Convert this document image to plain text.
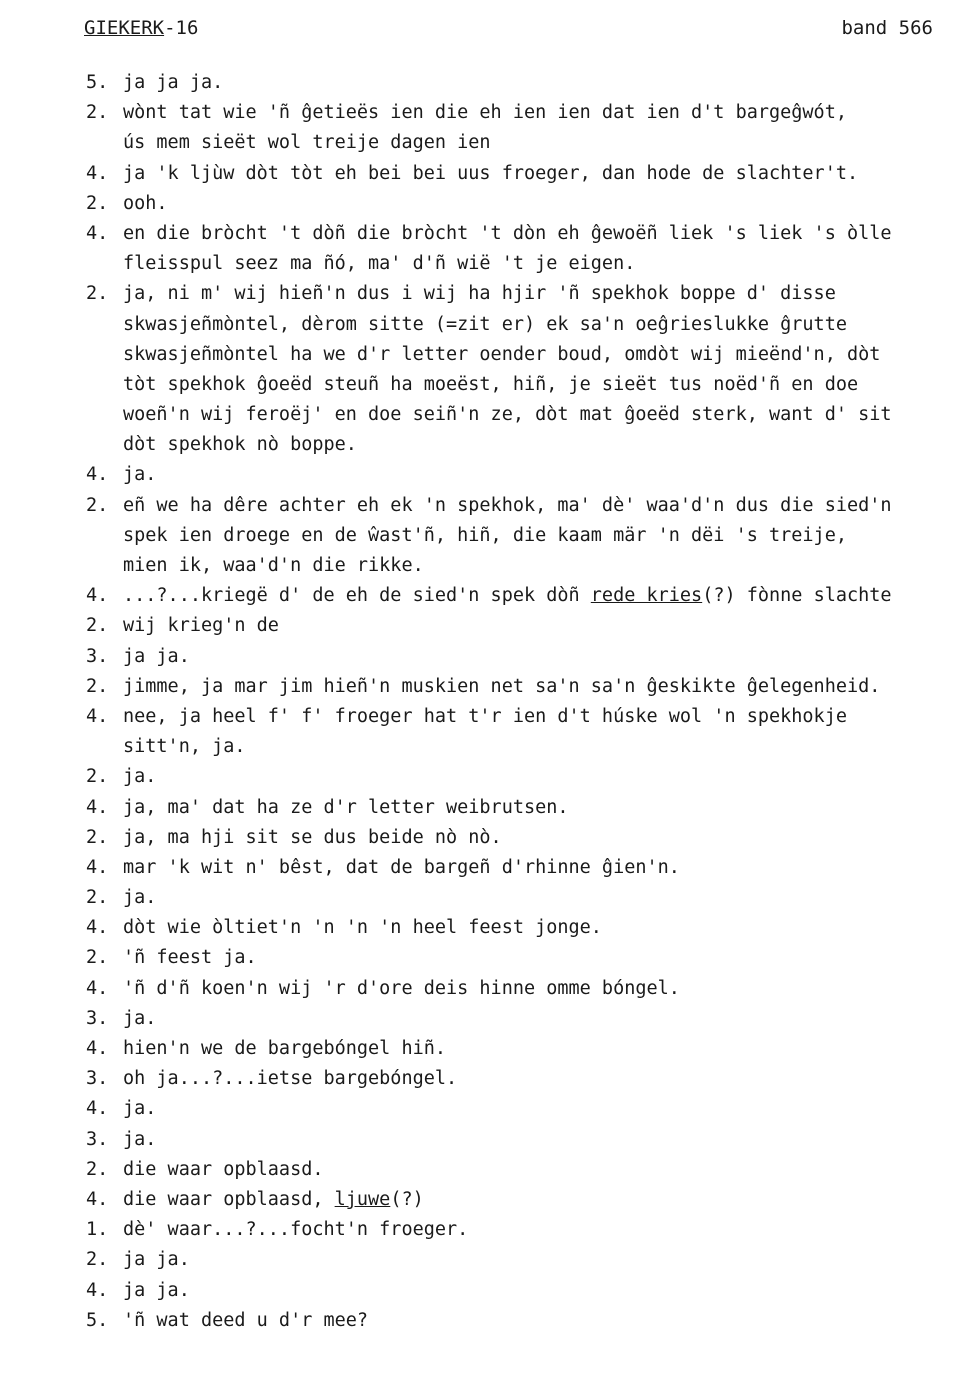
GIEKERK-16	band 566
5. ja ja ja.
2. wònt tat wie 'ñ ĝetieës ien die eh ien ien dat ien d't bargeĝwót,
ús mem sieët wol treije dagen ien
4. ja 'k ljùw dòt tòt eh bei bei uus froeger, dan hode de slachter't.
2. ooh.
4. en die bròcht 't dòñ die bròcht 't dòn eh ĝewoëñ liek 's liek 's òlle
fleisspul seez ma ñó, ma' d'ñ wië 't je eigen.
2. ja, ni m' wij hieñ'n dus i wij ha hjir 'ñ spekhok boppe d' disse
skwasjeñmòntel, dèrom sitte (=zit er) ek sa'n oeĝrieslukke ĝrutte
skwasjeñmòntel ha we d'r letter oender boud, omdòt wij mieënd'n, dòt
tòt spekhok ĝoeëd steuñ ha moeëst, hiñ, je sieët tus noëd'ñ en doe
woeñ'n wij feroëj' en doe seiñ'n ze, dòt mat ĝoeëd sterk, want d' sit
dòt spekhok nò boppe.
4. ja.
2. eñ we ha dêre achter eh ek 'n spekhok, ma' dè' waa'd'n dus die sied'n
spek ien droege en de ŵast'ñ, hiñ, die kaam mär 'n dëi 's treije,
mien ik, waa'd'n die rikke.
4. ...?...kriegë d' de eh de sied'n spek dòñ rede kries(?) fònne slachte
2. wij krieg'n de
3. ja ja.
2. jimme, ja mar jim hieñ'n muskien net sa'n sa'n ĝeskikte ĝelegenheid.
4. nee, ja heel f' f' froeger hat t'r ien d't húske wol 'n spekhokje
sitt'n, ja.
2. ja.
4. ja, ma' dat ha ze d'r letter weibrutsen.
2. ja, ma hji sit se dus beide nò nò.
4. mar 'k wit n' bêst, dat de bargeñ d'rhinne ĝien'n.
2. ja.
4. dòt wie òltiet'n 'n 'n 'n heel feest jonge.
2. 'ñ feest ja.
4. 'ñ d'ñ koen'n wij 'r d'ore deis hinne omme bóngel.
3. ja.
4. hien'n we de bargebóngel hiñ.
3. oh ja...?...ietse bargebóngel.
4. ja.
3. ja.
2. die waar opblaasd.
4. die waar opblaasd, ljuwe(?)
1. dè' waar...?...focht'n froeger.
2. ja ja.
4. ja ja.
5. 'ñ wat deed u d'r mee?
